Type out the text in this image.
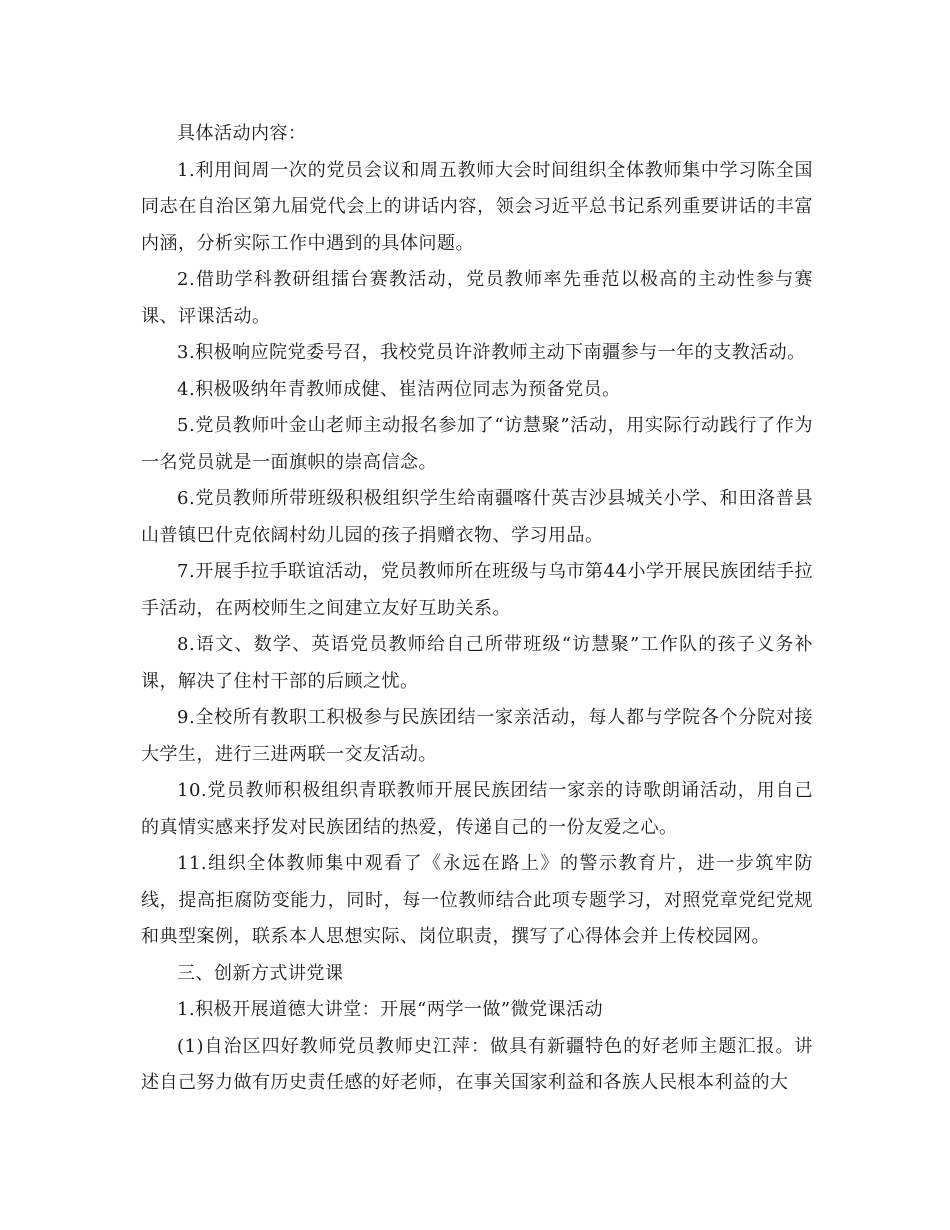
具体活动内容：

1.利用间周一次的党员会议和周五教师大会时间组织全体教师集中学习陈全国同志在自治区第九届党代会上的讲话内容，领会习近平总书记系列重要讲话的丰富内涵，分析实际工作中遇到的具体问题。

2.借助学科教研组擂台赛教活动，党员教师率先垂范以极高的主动性参与赛课、评课活动。

3.积极响应院党委号召，我校党员许浒教师主动下南疆参与一年的支教活动。

4.积极吸纳年青教师成健、崔洁两位同志为预备党员。

5.党员教师叶金山老师主动报名参加了“访慧聚”活动，用实际行动践行了作为一名党员就是一面旗帜的崇高信念。

6.党员教师所带班级积极组织学生给南疆喀什英吉沙县城关小学、和田洛普县山普镇巴什克依阔村幼儿园的孩子捐赠衣物、学习用品。

7.开展手拉手联谊活动，党员教师所在班级与乌市第44小学开展民族团结手拉手活动，在两校师生之间建立友好互助关系。

8.语文、数学、英语党员教师给自己所带班级“访慧聚”工作队的孩子义务补课，解决了住村干部的后顾之忧。

9.全校所有教职工积极参与民族团结一家亲活动，每人都与学院各个分院对接大学生，进行三进两联一交友活动。

10.党员教师积极组织青联教师开展民族团结一家亲的诗歌朗诵活动，用自己的真情实感来抒发对民族团结的热爱，传递自己的一份友爱之心。

11.组织全体教师集中观看了《永远在路上》的警示教育片，进一步筑牢防线，提高拒腐防变能力，同时，每一位教师结合此项专题学习，对照党章党纪党规和典型案例，联系本人思想实际、岗位职责，撰写了心得体会并上传校园网。

三、创新方式讲党课

1.积极开展道德大讲堂：开展“两学一做”微党课活动

(1)自治区四好教师党员教师史江萍：做具有新疆特色的好老师主题汇报。讲述自己努力做有历史责任感的好老师，在事关国家利益和各族人民根本利益的大
